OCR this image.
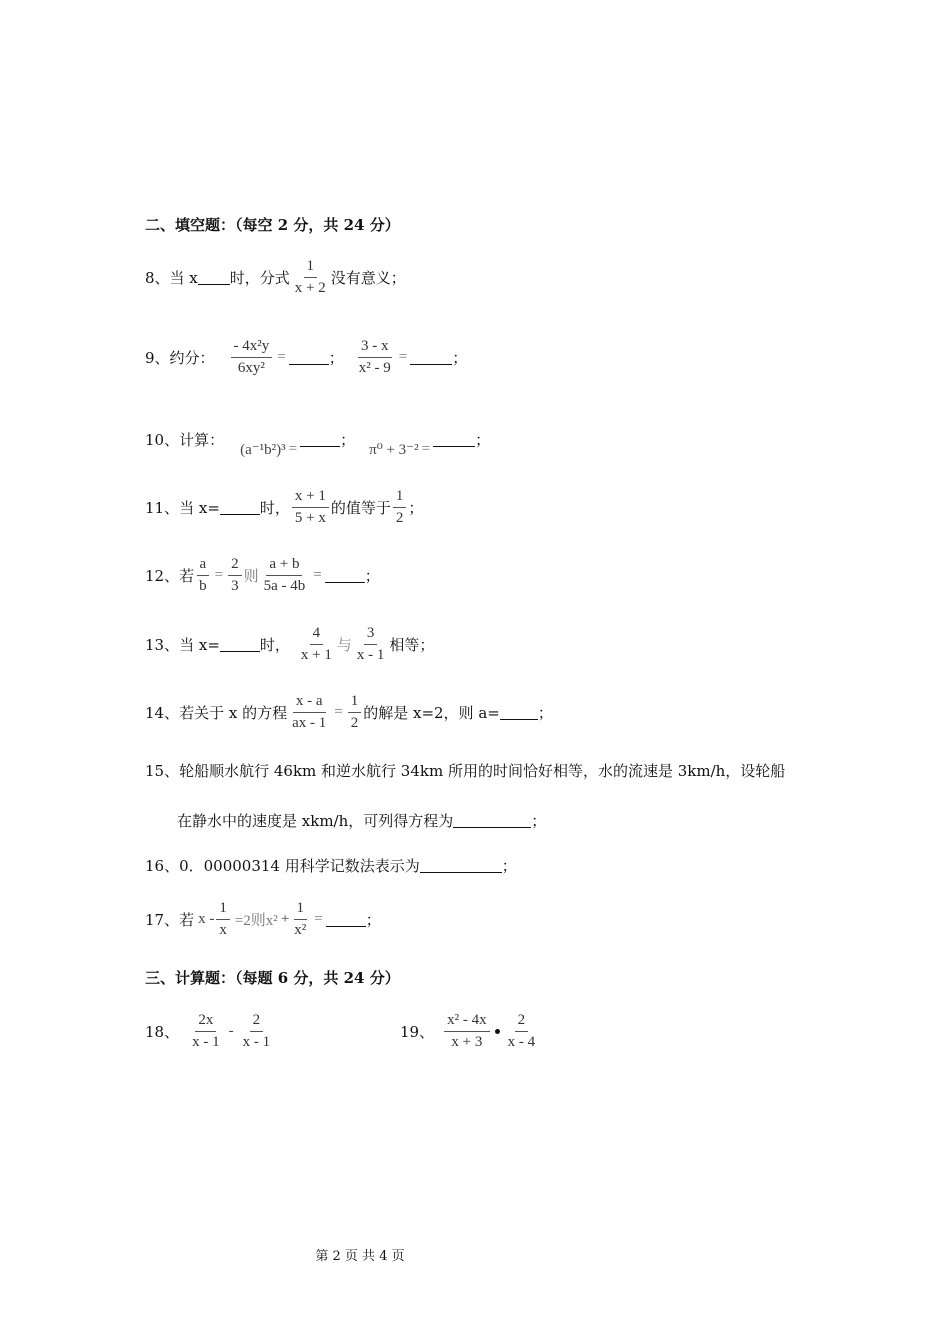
二、填空题：（每空 2 分，共 24 分）
8、当 x 时，分式 $\frac{1}{x + 2}$ 没有意义；
9、约分： $\frac{\text{- 4x²y}}{\text{6xy²}}$ =	； $\frac{3 - x}{\text{x² - 9}}$ =	；
10、计算：
(a⁻¹b²)³ =	；
π⁰ + 3⁻² =	；
11、当 x=	时， $\frac{x + 1}{5 + x}$ 的值等于 $\frac{1}{2}$ ；
12、若 $\frac{a}{b} = \frac{2}{3}$ 则 $\frac{a + b}{5a - 4b}$ =	；
13、当 x=	时， $\frac{4}{x + 1}$ 与 $\frac{3}{x - 1}$ 相等；
14、若关于 x 的方程 $\frac{x - a}{ax - 1} = \frac{1}{2}$ 的解是 x=2，则 a=	；
15、轮船顺水航行 46km 和逆水航行 34km 所用的时间恰好相等，水的流速是 3km/h，设轮船
在静水中的速度是 xkm/h，可列得方程为	；
16、0．00000314 用科学记数法表示为	；
17、若 $x - \frac{1}{x} =2$则$x^2 + \frac{1}{\text{x²}}$ =	；
三、计算题：（每题 6 分，共 24 分）
18、 $\frac{2x}{x - 1} - \frac{2}{x - 1}$	19、 $\frac{\text{x² - 4x}}{x + 3} \frac{2}{x - 4}$
第 2 页 共 4 页
